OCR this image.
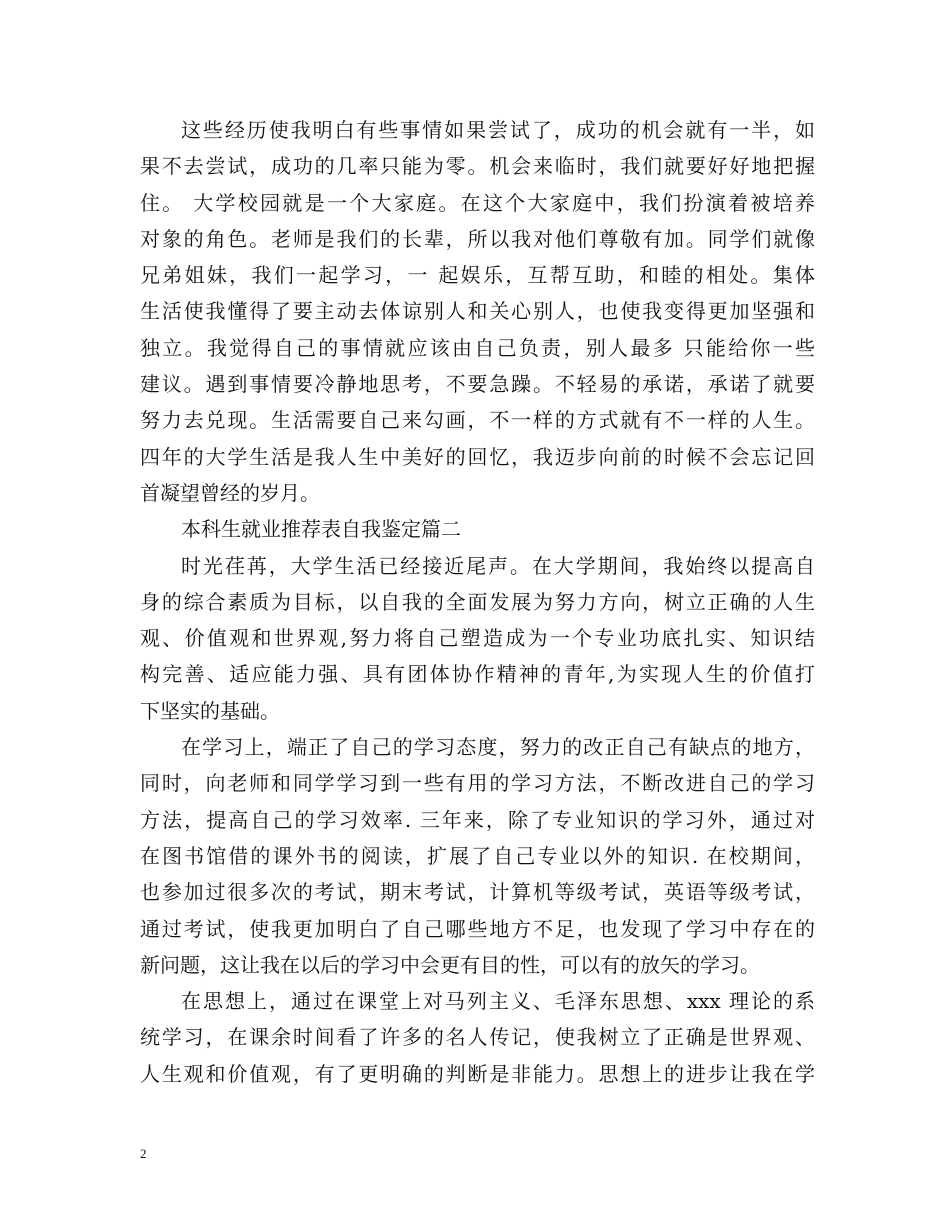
这些经历使我明白有些事情如果尝试了，成功的机会就有一半，如
果不去尝试，成功的几率只能为零。机会来临时，我们就要好好地把握
住。 大学校园就是一个大家庭。在这个大家庭中，我们扮演着被培养
对象的角色。老师是我们的长辈，所以我对他们尊敬有加。同学们就像
兄弟姐妹，我们一起学习，一 起娱乐，互帮互助，和睦的相处。集体
生活使我懂得了要主动去体谅别人和关心别人，也使我变得更加坚强和
独立。我觉得自己的事情就应该由自己负责，别人最多 只能给你一些
建议。遇到事情要冷静地思考，不要急躁。不轻易的承诺，承诺了就要
努力去兑现。生活需要自己来勾画，不一样的方式就有不一样的人生。
四年的大学生活是我人生中美好的回忆，我迈步向前的时候不会忘记回
首凝望曾经的岁月。
本科生就业推荐表自我鉴定篇二
时光荏苒，大学生活已经接近尾声。在大学期间，我始终以提高自
身的综合素质为目标，以自我的全面发展为努力方向，树立正确的人生
观、价值观和世界观,努力将自己塑造成为一个专业功底扎实、知识结
构完善、适应能力强、具有团体协作精神的青年,为实现人生的价值打
下坚实的基础。
在学习上，端正了自己的学习态度，努力的改正自己有缺点的地方，
同时，向老师和同学学习到一些有用的学习方法，不断改进自己的学习
方法，提高自己的学习效率. 三年来，除了专业知识的学习外，通过对
在图书馆借的课外书的阅读，扩展了自己专业以外的知识. 在校期间，
也参加过很多次的考试，期末考试，计算机等级考试，英语等级考试，
通过考试，使我更加明白了自己哪些地方不足，也发现了学习中存在的
新问题，这让我在以后的学习中会更有目的性，可以有的放矢的学习。
在思想上，通过在课堂上对马列主义、毛泽东思想、xxx 理论的系
统学习，在课余时间看了许多的名人传记，使我树立了正确是世界观、
人生观和价值观，有了更明确的判断是非能力。思想上的进步让我在学
2
